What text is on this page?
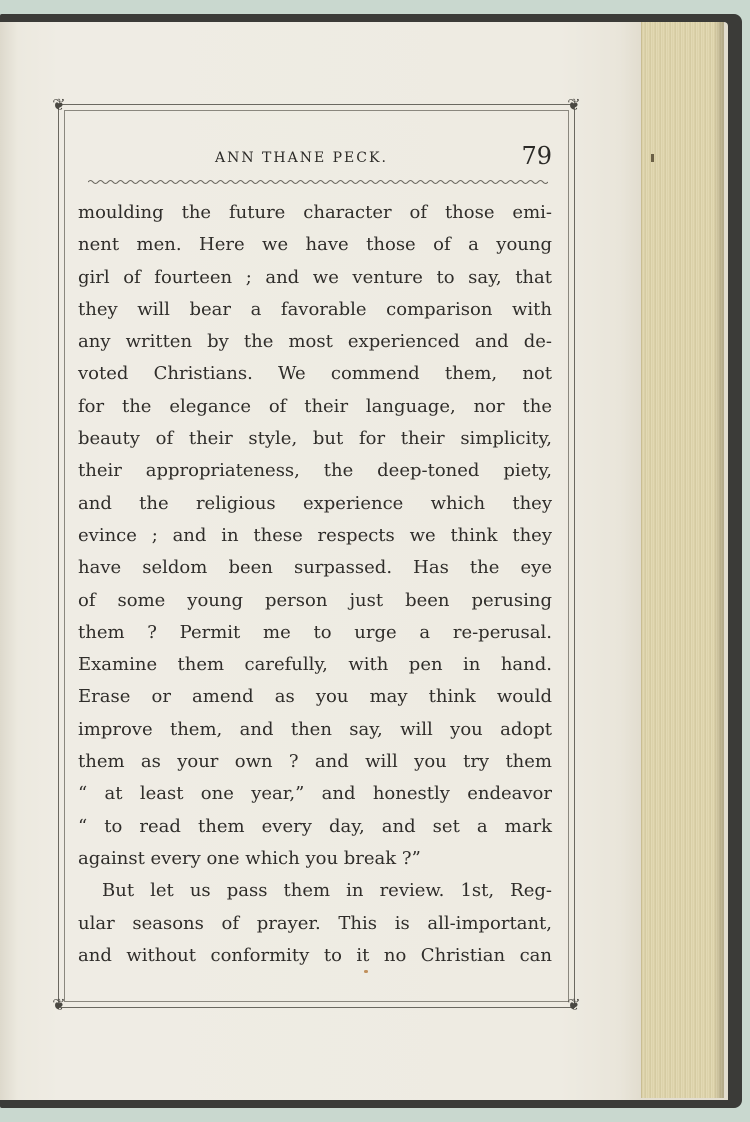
❦	❦
❦	❦
ANN THANE PECK.	79
moulding the future character of those emi-
nent men. Here we have those of a young
girl of fourteen ; and we venture to say, that
they will bear a favorable comparison with
any written by the most experienced and de-
voted Christians. We commend them, not
for the elegance of their language, nor the
beauty of their style, but for their simplicity,
their appropriateness, the deep-toned piety,
and the religious experience which they
evince ; and in these respects we think they
have seldom been surpassed. Has the eye
of some young person just been perusing
them ? Permit me to urge a re-perusal.
Examine them carefully, with pen in hand.
Erase or amend as you may think would
improve them, and then say, will you adopt
them as your own ? and will you try them
“ at least one year,” and honestly endeavor
“ to read them every day, and set a mark
against every one which you break ?”
But let us pass them in review. 1st, Reg-
ular seasons of prayer. This is all-important,
and without conformity to it no Christian can
